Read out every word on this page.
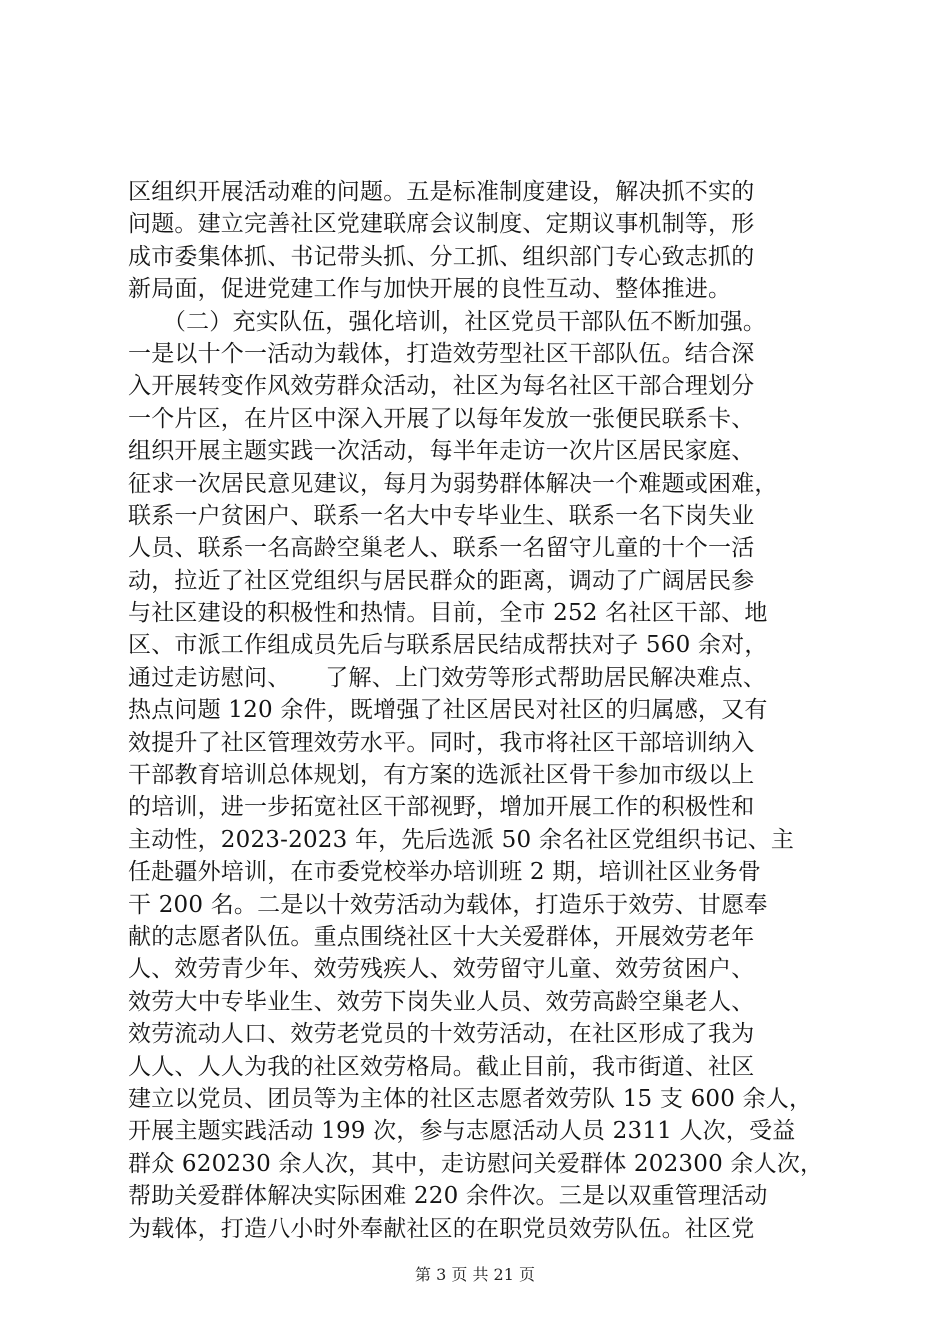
区组织开展活动难的问题。五是标准制度建设，解决抓不实的
问题。建立完善社区党建联席会议制度、定期议事机制等，形
成市委集体抓、书记带头抓、分工抓、组织部门专心致志抓的
新局面，促进党建工作与加快开展的良性互动、整体推进。
　　（二）充实队伍，强化培训，社区党员干部队伍不断加强。
一是以十个一活动为载体，打造效劳型社区干部队伍。结合深
入开展转变作风效劳群众活动，社区为每名社区干部合理划分
一个片区，在片区中深入开展了以每年发放一张便民联系卡、
组织开展主题实践一次活动，每半年走访一次片区居民家庭、
征求一次居民意见建议，每月为弱势群体解决一个难题或困难，
联系一户贫困户、联系一名大中专毕业生、联系一名下岗失业
人员、联系一名高龄空巢老人、联系一名留守儿童的十个一活
动，拉近了社区党组织与居民群众的距离，调动了广阔居民参
与社区建设的积极性和热情。目前，全市 252 名社区干部、地
区、市派工作组成员先后与联系居民结成帮扶对子 560 余对，
通过走访慰问、　　了解、上门效劳等形式帮助居民解决难点、
热点问题 120 余件，既增强了社区居民对社区的归属感，又有
效提升了社区管理效劳水平。同时，我市将社区干部培训纳入
干部教育培训总体规划，有方案的选派社区骨干参加市级以上
的培训，进一步拓宽社区干部视野，增加开展工作的积极性和
主动性，2023-2023 年，先后选派 50 余名社区党组织书记、主
任赴疆外培训，在市委党校举办培训班 2 期，培训社区业务骨
干 200 名。二是以十效劳活动为载体，打造乐于效劳、甘愿奉
献的志愿者队伍。重点围绕社区十大关爱群体，开展效劳老年
人、效劳青少年、效劳残疾人、效劳留守儿童、效劳贫困户、
效劳大中专毕业生、效劳下岗失业人员、效劳高龄空巢老人、
效劳流动人口、效劳老党员的十效劳活动，在社区形成了我为
人人、人人为我的社区效劳格局。截止目前，我市街道、社区
建立以党员、团员等为主体的社区志愿者效劳队 15 支 600 余人，
开展主题实践活动 199 次，参与志愿活动人员 2311 人次，受益
群众 620230 余人次，其中，走访慰问关爱群体 202300 余人次，
帮助关爱群体解决实际困难 220 余件次。三是以双重管理活动
为载体，打造八小时外奉献社区的在职党员效劳队伍。社区党
第 3 页 共 21 页
